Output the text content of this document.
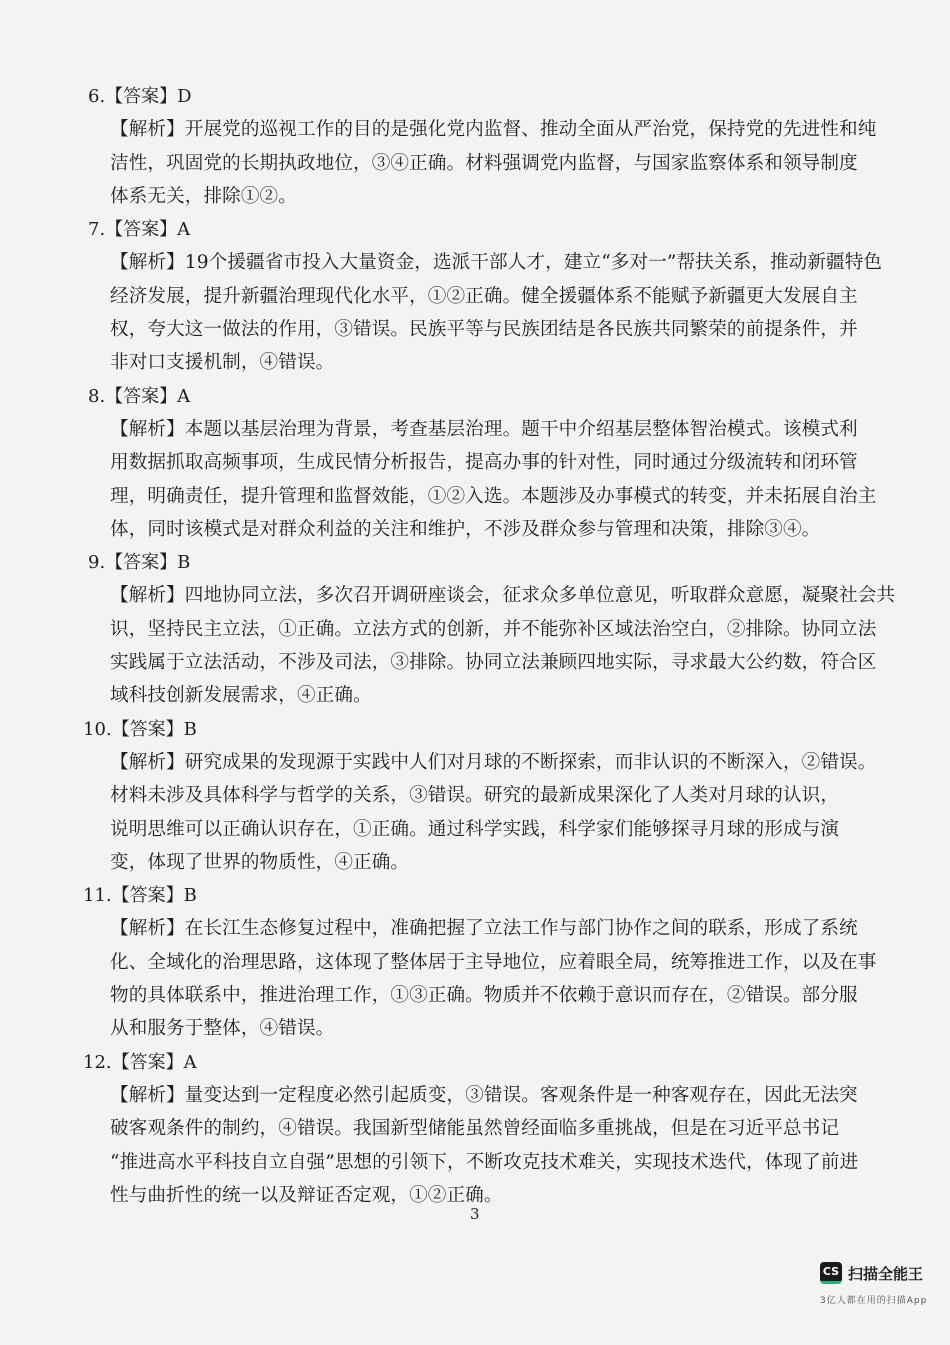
6.【答案】D
【解析】开展党的巡视工作的目的是强化党内监督、推动全面从严治党，保持党的先进性和纯
洁性，巩固党的长期执政地位，③④正确。材料强调党内监督，与国家监察体系和领导制度
体系无关，排除①②。
7.【答案】A
【解析】19个援疆省市投入大量资金，选派干部人才，建立“多对一”帮扶关系，推动新疆特色
经济发展，提升新疆治理现代化水平，①②正确。健全援疆体系不能赋予新疆更大发展自主
权，夸大这一做法的作用，③错误。民族平等与民族团结是各民族共同繁荣的前提条件，并
非对口支援机制，④错误。
8.【答案】A
【解析】本题以基层治理为背景，考查基层治理。题干中介绍基层整体智治模式。该模式利
用数据抓取高频事项，生成民情分析报告，提高办事的针对性，同时通过分级流转和闭环管
理，明确责任，提升管理和监督效能，①②入选。本题涉及办事模式的转变，并未拓展自治主
体，同时该模式是对群众利益的关注和维护，不涉及群众参与管理和决策，排除③④。
9.【答案】B
【解析】四地协同立法，多次召开调研座谈会，征求众多单位意见，听取群众意愿，凝聚社会共
识，坚持民主立法，①正确。立法方式的创新，并不能弥补区域法治空白，②排除。协同立法
实践属于立法活动，不涉及司法，③排除。协同立法兼顾四地实际，寻求最大公约数，符合区
域科技创新发展需求，④正确。
10.【答案】B
【解析】研究成果的发现源于实践中人们对月球的不断探索，而非认识的不断深入，②错误。
材料未涉及具体科学与哲学的关系，③错误。研究的最新成果深化了人类对月球的认识，
说明思维可以正确认识存在，①正确。通过科学实践，科学家们能够探寻月球的形成与演
变，体现了世界的物质性，④正确。
11.【答案】B
【解析】在长江生态修复过程中，准确把握了立法工作与部门协作之间的联系，形成了系统
化、全域化的治理思路，这体现了整体居于主导地位，应着眼全局，统筹推进工作，以及在事
物的具体联系中，推进治理工作，①③正确。物质并不依赖于意识而存在，②错误。部分服
从和服务于整体，④错误。
12.【答案】A
【解析】量变达到一定程度必然引起质变，③错误。客观条件是一种客观存在，因此无法突
破客观条件的制约，④错误。我国新型储能虽然曾经面临多重挑战，但是在习近平总书记
“推进高水平科技自立自强”思想的引领下，不断攻克技术难关，实现技术迭代，体现了前进
性与曲折性的统一以及辩证否定观，①②正确。
3
CS 扫描全能王
3亿人都在用的扫描App
